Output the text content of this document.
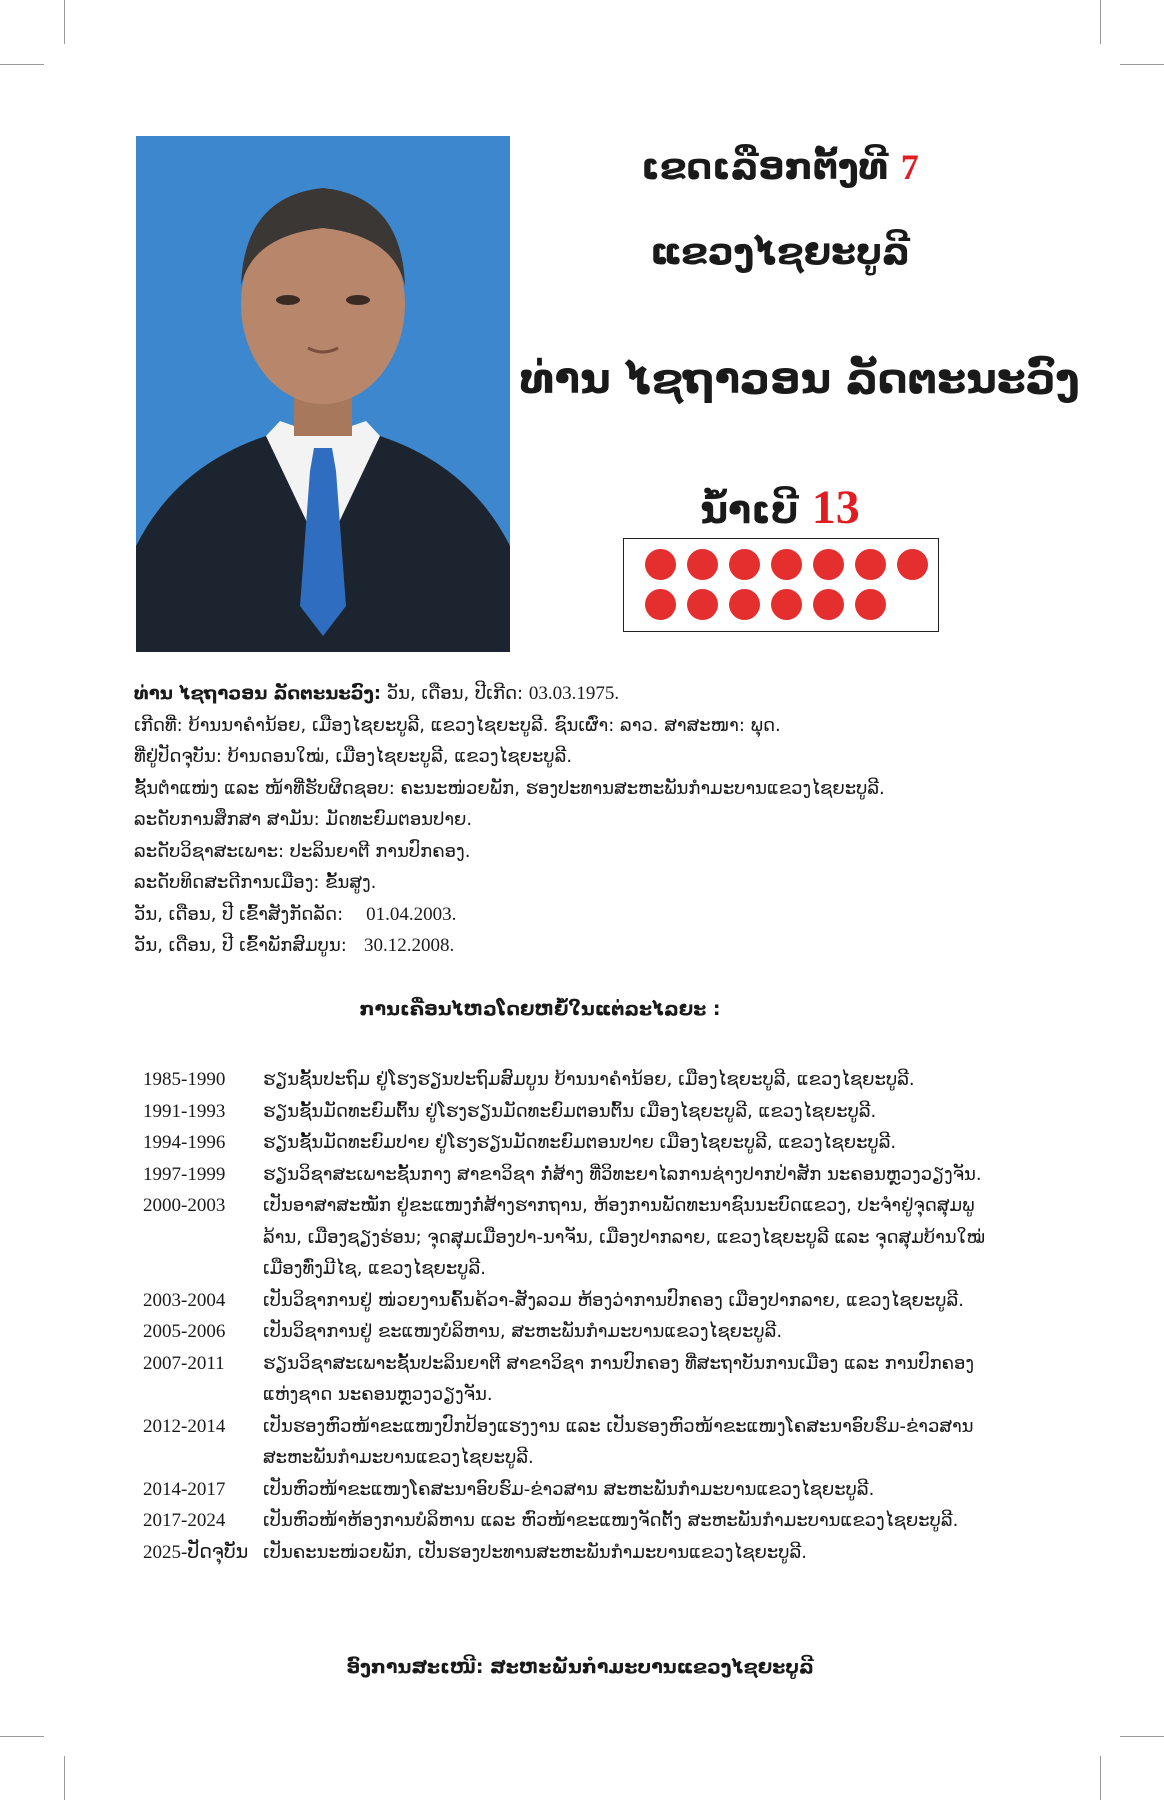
ເຂດເລືອກຕັ້ງທີ 7
ແຂວງໄຊຍະບູລີ
ທ່ານ ໄຊຖາວອນ ລັດຕະນະວົງ
ນໍ້າເບີ 13
ທ່ານ ໄຊຖາວອນ ລັດຕະນະວົງ: ວັນ, ເດືອນ, ປີເກີດ: 03.03.1975.
ເກີດທີ່: ບ້ານນາຄຳນ້ອຍ, ເມືອງໄຊຍະບູລີ, ແຂວງໄຊຍະບູລີ. ຊົນເຜົ່າ: ລາວ. ສາສະໜາ: ພຸດ.
ທີ່ຢູ່ປັດຈຸບັນ: ບ້ານດອນໃໝ່, ເມືອງໄຊຍະບູລີ, ແຂວງໄຊຍະບູລີ.
ຊັ້ນຕຳແໜ່ງ ແລະ ໜ້າທີ່ຮັບຜິດຊອບ: ຄະນະໜ່ວຍພັກ, ຮອງປະທານສະຫະພັນກຳມະບານແຂວງໄຊຍະບູລີ.
ລະດັບການສຶກສາ ສາມັນ: ມັດທະຍົມຕອນປາຍ.
ລະດັບວິຊາສະເພາະ: ປະລິນຍາຕີ ການປົກຄອງ.
ລະດັບທິດສະດີການເມືອງ: ຂັ້ນສູງ.
ວັນ, ເດືອນ, ປີ ເຂົ້າສັງກັດລັດ: 01.04.2003.
ວັນ, ເດືອນ, ປີ ເຂົ້າພັກສົມບູນ: 30.12.2008.
ການເຄື່ອນໄຫວໂດຍຫຍໍ້ໃນແຕ່ລະໄລຍະ :
1985-1990	ຮຽນຊັ້ນປະຖົມ ຢູ່ໂຮງຮຽນປະຖົມສົມບູນ ບ້ານນາຄຳນ້ອຍ, ເມືອງໄຊຍະບູລີ, ແຂວງໄຊຍະບູລີ.
1991-1993	ຮຽນຊັ້ນມັດທະຍົມຕົ້ນ ຢູ່ໂຮງຮຽນມັດທະຍົມຕອນຕົ້ນ ເມືອງໄຊຍະບູລີ, ແຂວງໄຊຍະບູລີ.
1994-1996	ຮຽນຊັ້ນມັດທະຍົມປາຍ ຢູ່ໂຮງຮຽນມັດທະຍົມຕອນປາຍ ເມືອງໄຊຍະບູລີ, ແຂວງໄຊຍະບູລີ.
1997-1999	ຮຽນວິຊາສະເພາະຊັ້ນກາງ ສາຂາວິຊາ ກໍ່ສ້າງ ທີ່ວິທະຍາໄລການຊ່າງປາກປ່າສັກ ນະຄອນຫຼວງວຽງຈັນ.
2000-2003	ເປັນອາສາສະໝັກ ຢູ່ຂະແໜງກໍ່ສ້າງຮາກຖານ, ຫ້ອງການພັດທະນາຊົນນະບົດແຂວງ, ປະຈຳຢູ່ຈຸດສຸມພູ
ລ້ານ, ເມືອງຊຽງຮ່ອນ; ຈຸດສຸມເມືອງປາ-ນາຈັນ, ເມືອງປາກລາຍ, ແຂວງໄຊຍະບູລີ ແລະ ຈຸດສຸມບ້ານໃໝ່
ເມືອງທົ່ງມີໄຊ, ແຂວງໄຊຍະບູລີ.
2003-2004	ເປັນວິຊາການຢູ່ ໜ່ວຍງານຄົ້ນຄ້ວາ-ສັງລວມ ຫ້ອງວ່າການປົກຄອງ ເມືອງປາກລາຍ, ແຂວງໄຊຍະບູລີ.
2005-2006	ເປັນວິຊາການຢູ່ ຂະແໜງບໍລິຫານ, ສະຫະພັນກຳມະບານແຂວງໄຊຍະບູລີ.
2007-2011	ຮຽນວິຊາສະເພາະຊັ້ນປະລິນຍາຕີ ສາຂາວິຊາ ການປົກຄອງ ທີ່ສະຖາບັນການເມືອງ ແລະ ການປົກຄອງ
ແຫ່ງຊາດ ນະຄອນຫຼວງວຽງຈັນ.
2012-2014	ເປັນຮອງຫົວໜ້າຂະແໜງປົກປ້ອງແຮງງານ ແລະ ເປັນຮອງຫົວໜ້າຂະແໜງໂຄສະນາອົບຮົມ-ຂ່າວສານ
ສະຫະພັນກຳມະບານແຂວງໄຊຍະບູລີ.
2014-2017	ເປັນຫົວໜ້າຂະແໜງໂຄສະນາອົບຮົມ-ຂ່າວສານ ສະຫະພັນກຳມະບານແຂວງໄຊຍະບູລີ.
2017-2024	ເປັນຫົວໜ້າຫ້ອງການບໍລິຫານ ແລະ ຫົວໜ້າຂະແໜງຈັດຕັ້ງ ສະຫະພັນກຳມະບານແຂວງໄຊຍະບູລີ.
2025-ປັດຈຸບັນ ເປັນຄະນະໜ່ວຍພັກ, ເປັນຮອງປະທານສະຫະພັນກຳມະບານແຂວງໄຊຍະບູລີ.
ອົງການສະເໜີ: ສະຫະພັນກຳມະບານແຂວງໄຊຍະບູລີ
